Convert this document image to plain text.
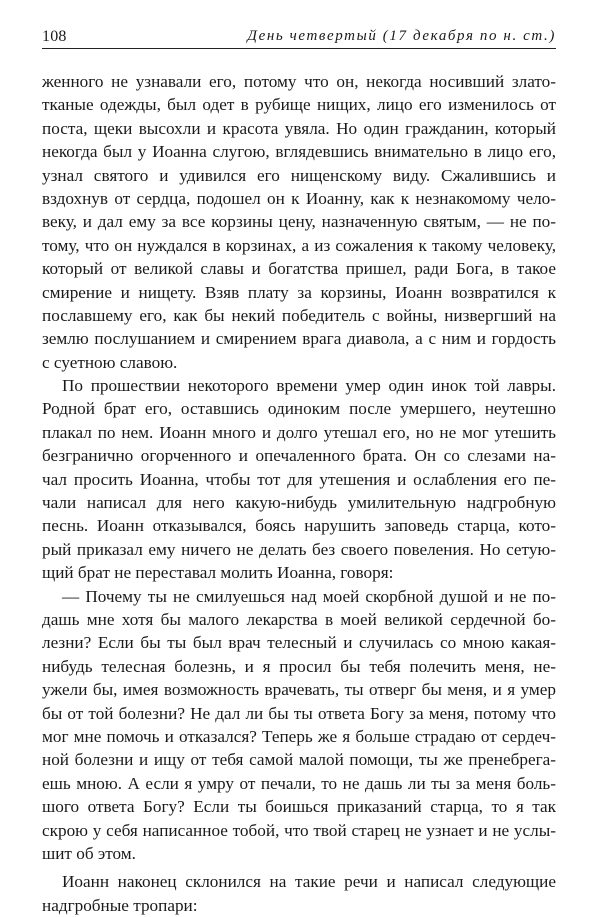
108	День четвертый (17 декабря по н. ст.)
женного не узнавали его, потому что он, некогда носивший злато-
тканые одежды, был одет в рубище нищих, лицо его изменилось от
поста, щеки высохли и красота увяла. Но один гражданин, который
некогда был у Иоанна слугою, вглядевшись внимательно в лицо его,
узнал святого и удивился его нищенскому виду. Сжалившись и
вздохнув от сердца, подошел он к Иоанну, как к незнакомому чело-
веку, и дал ему за все корзины цену, назначенную святым, — не по-
тому, что он нуждался в корзинах, а из сожаления к такому человеку,
который от великой славы и богатства пришел, ради Бога, в такое
смирение и нищету. Взяв плату за корзины, Иоанн возвратился к
пославшему его, как бы некий победитель с войны, низвергший на
землю послушанием и смирением врага диавола, а с ним и гордость
с суетною славою.
По прошествии некоторого времени умер один инок той лавры.
Родной брат его, оставшись одиноким после умершего, неутешно
плакал по нем. Иоанн много и долго утешал его, но не мог утешить
безгранично огорченного и опечаленного брата. Он со слезами на-
чал просить Иоанна, чтобы тот для утешения и ослабления его пе-
чали написал для него какую-нибудь умилительную надгробную
песнь. Иоанн отказывался, боясь нарушить заповедь старца, кото-
рый приказал ему ничего не делать без своего повеления. Но сетую-
щий брат не переставал молить Иоанна, говоря:
— Почему ты не смилуешься над моей скорбной душой и не по-
дашь мне хотя бы малого лекарства в моей великой сердечной бо-
лезни? Если бы ты был врач телесный и случилась со мною какая-
нибудь телесная болезнь, и я просил бы тебя полечить меня, не-
ужели бы, имея возможность врачевать, ты отверг бы меня, и я умер
бы от той болезни? Не дал ли бы ты ответа Богу за меня, потому что
мог мне помочь и отказался? Теперь же я больше страдаю от сердеч-
ной болезни и ищу от тебя самой малой помощи, ты же пренебрега-
ешь мною. А если я умру от печали, то не дашь ли ты за меня боль-
шого ответа Богу? Если ты боишься приказаний старца, то я так
скрою у себя написанное тобой, что твой старец не узнает и не услы-
шит об этом.
Иоанн наконец склонился на такие речи и написал следующие
надгробные тропари:
